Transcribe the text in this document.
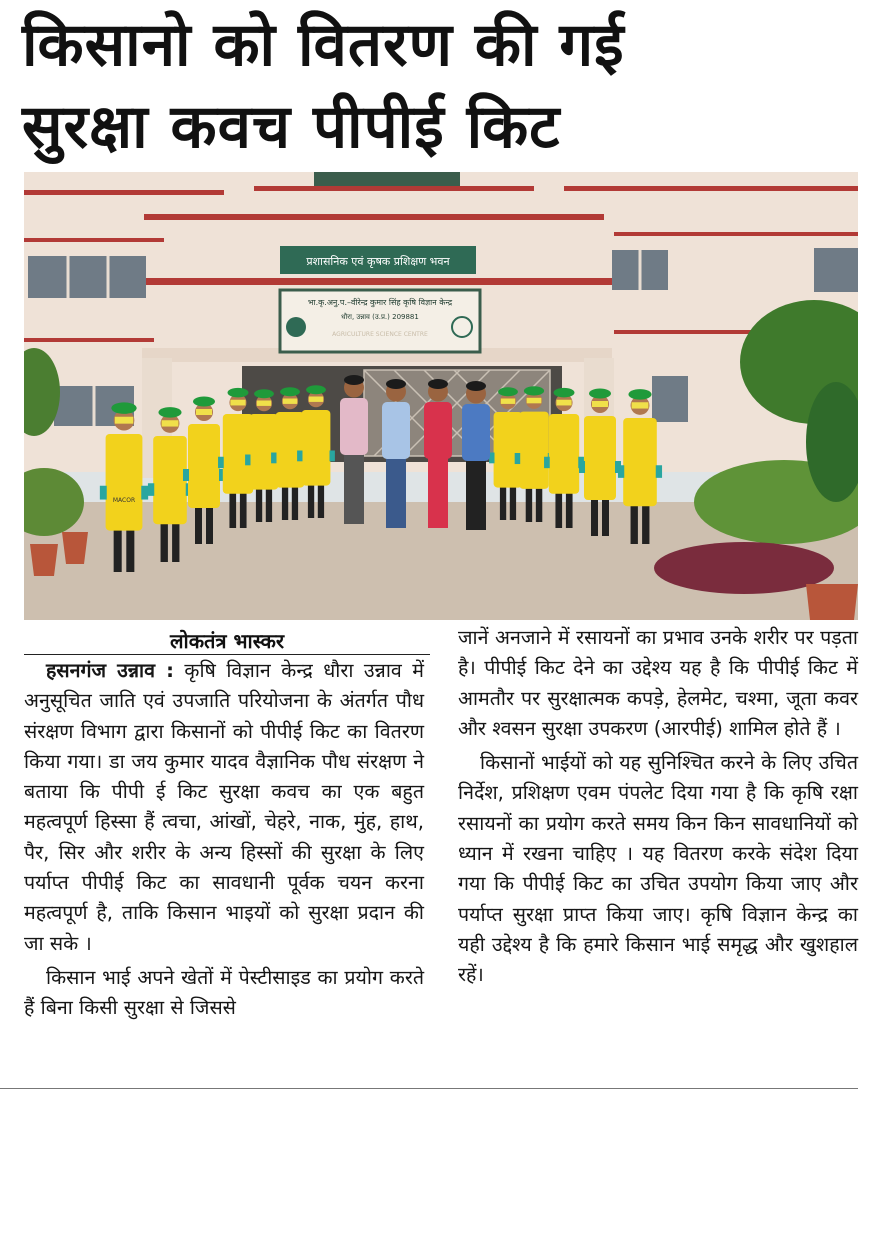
किसानो को वितरण की गई
सुरक्षा कवच पीपीई किट
प्रशासनिक एवं कृषक प्रशिक्षण भवन
भा.कृ.अनु.प.–वीरेन्द्र कुमार सिंह कृषि विज्ञान केन्द्र
धौरा, उन्नाव (उ.प्र.) 209881
AGRICULTURE SCIENCE CENTRE
MACOR
लोकतंत्र भास्कर

हसनगंज उन्नाव : कृषि विज्ञान केन्द्र धौरा उन्नाव में अनुसूचित जाति एवं उपजाति परियोजना के अंतर्गत पौध संरक्षण विभाग द्वारा किसानों को पीपीई किट का वितरण किया गया। डा जय कुमार यादव वैज्ञानिक पौध संरक्षण ने बताया कि पीपी ई किट सुरक्षा कवच का एक बहुत महत्वपूर्ण हिस्सा हैं त्वचा, आंखों, चेहरे, नाक, मुंह, हाथ, पैर, सिर और शरीर के अन्य हिस्सों की सुरक्षा के लिए पर्याप्त पीपीई किट का सावधानी पूर्वक चयन करना महत्वपूर्ण है, ताकि किसान भाइयों को सुरक्षा प्रदान की जा सके ।

किसान भाई अपने खेतों में पेस्टीसाइड का प्रयोग करते हैं बिना किसी सुरक्षा से जिससे

जानें अनजाने में रसायनों का प्रभाव उनके शरीर पर पड़ता है। पीपीई किट देने का उद्देश्य यह है कि पीपीई किट में आमतौर पर सुरक्षात्मक कपड़े, हेलमेट, चश्मा, जूता कवर और श्वसन सुरक्षा उपकरण (आरपीई) शामिल होते हैं ।

किसानों भाईयों को यह सुनिश्चित करने के लिए उचित निर्देश, प्रशिक्षण एवम पंपलेट दिया गया है कि कृषि रक्षा रसायनों का प्रयोग करते समय किन किन सावधानियों को ध्यान में रखना चाहिए । यह वितरण करके संदेश दिया गया कि पीपीई किट का उचित उपयोग किया जाए और पर्याप्त सुरक्षा प्राप्त किया जाए। कृषि विज्ञान केन्द्र का यही उद्देश्य है कि हमारे किसान भाई समृद्ध और खुशहाल रहें।
